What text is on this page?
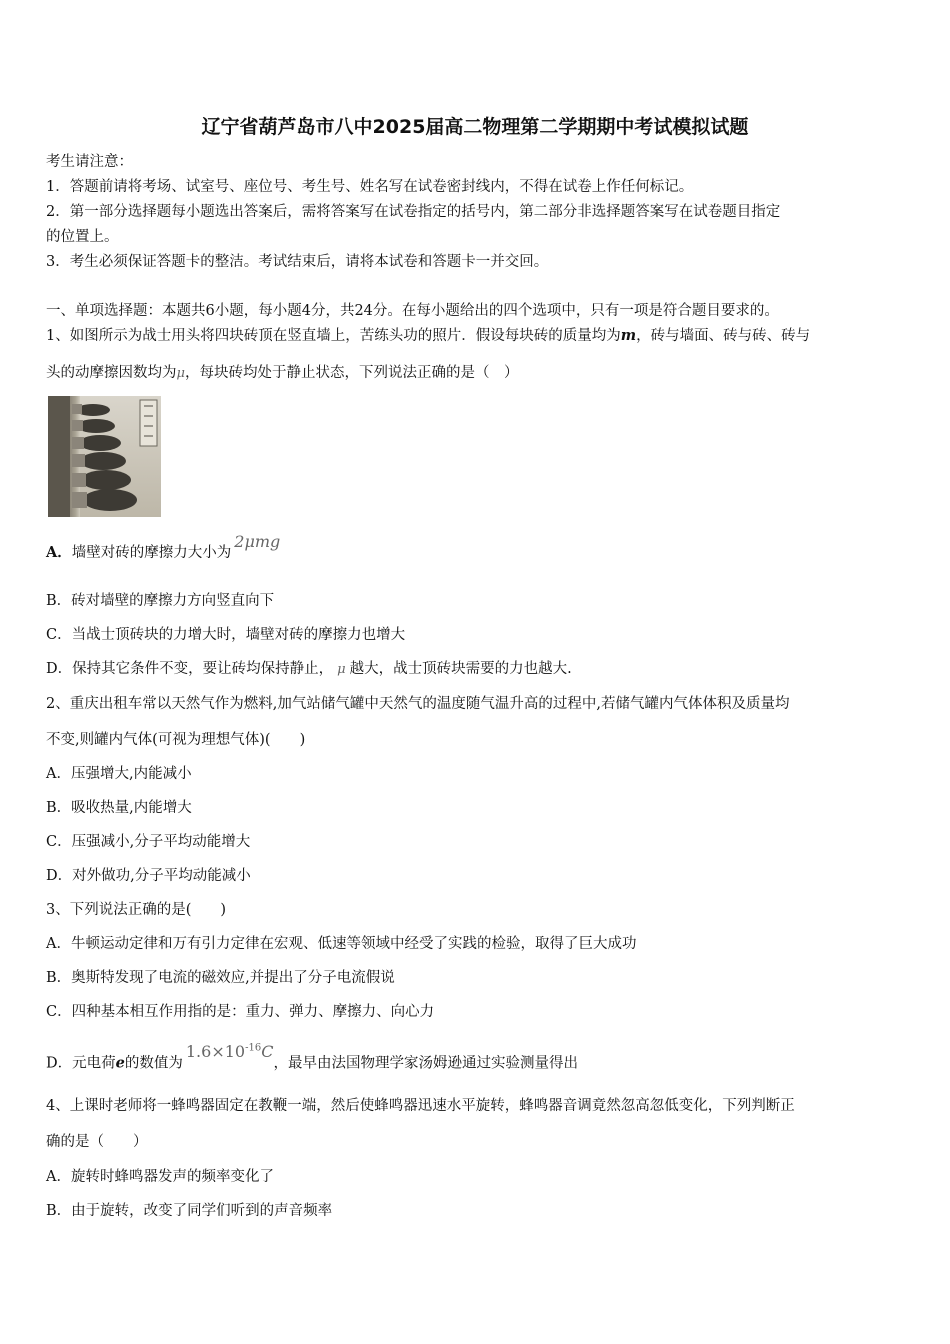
辽宁省葫芦岛市八中2025届高二物理第二学期期中考试模拟试题
考生请注意：
1．答题前请将考场、试室号、座位号、考生号、姓名写在试卷密封线内，不得在试卷上作任何标记。
2．第一部分选择题每小题选出答案后，需将答案写在试卷指定的括号内，第二部分非选择题答案写在试卷题目指定
的位置上。
3．考生必须保证答题卡的整洁。考试结束后，请将本试卷和答题卡一并交回。
一、单项选择题：本题共6小题，每小题4分，共24分。在每小题给出的四个选项中，只有一项是符合题目要求的。
1、如图所示为战士用头将四块砖顶在竖直墙上，苦练头功的照片．假设每块砖的质量均为m，砖与墙面、砖与砖、砖与
头的动摩擦因数均为μ，每块砖均处于静止状态，下列说法正确的是（　）
A．墙壁对砖的摩擦力大小为2μmg
B．砖对墙壁的摩擦力方向竖直向下
C．当战士顶砖块的力增大时，墙壁对砖的摩擦力也增大
D．保持其它条件不变，要让砖均保持静止， μ 越大，战士顶砖块需要的力也越大.
2、重庆出租车常以天然气作为燃料,加气站储气罐中天然气的温度随气温升高的过程中,若储气罐内气体体积及质量均
不变,则罐内气体(可视为理想气体)(　　)
A．压强增大,内能减小
B．吸收热量,内能增大
C．压强减小,分子平均动能增大
D．对外做功,分子平均动能减小
3、下列说法正确的是(　　)
A．牛顿运动定律和万有引力定律在宏观、低速等领域中经受了实践的检验，取得了巨大成功
B．奥斯特发现了电流的磁效应,并提出了分子电流假说
C．四种基本相互作用指的是：重力、弹力、摩擦力、向心力
D．元电荷e的数值为$1.6\times 10^{-16}C$，最早由法国物理学家汤姆逊通过实验测量得出
4、上课时老师将一蜂鸣器固定在教鞭一端，然后使蜂鸣器迅速水平旋转，蜂鸣器音调竟然忽高忽低变化，下列判断正
确的是（　　）
A．旋转时蜂鸣器发声的频率变化了
B．由于旋转，改变了同学们听到的声音频率
